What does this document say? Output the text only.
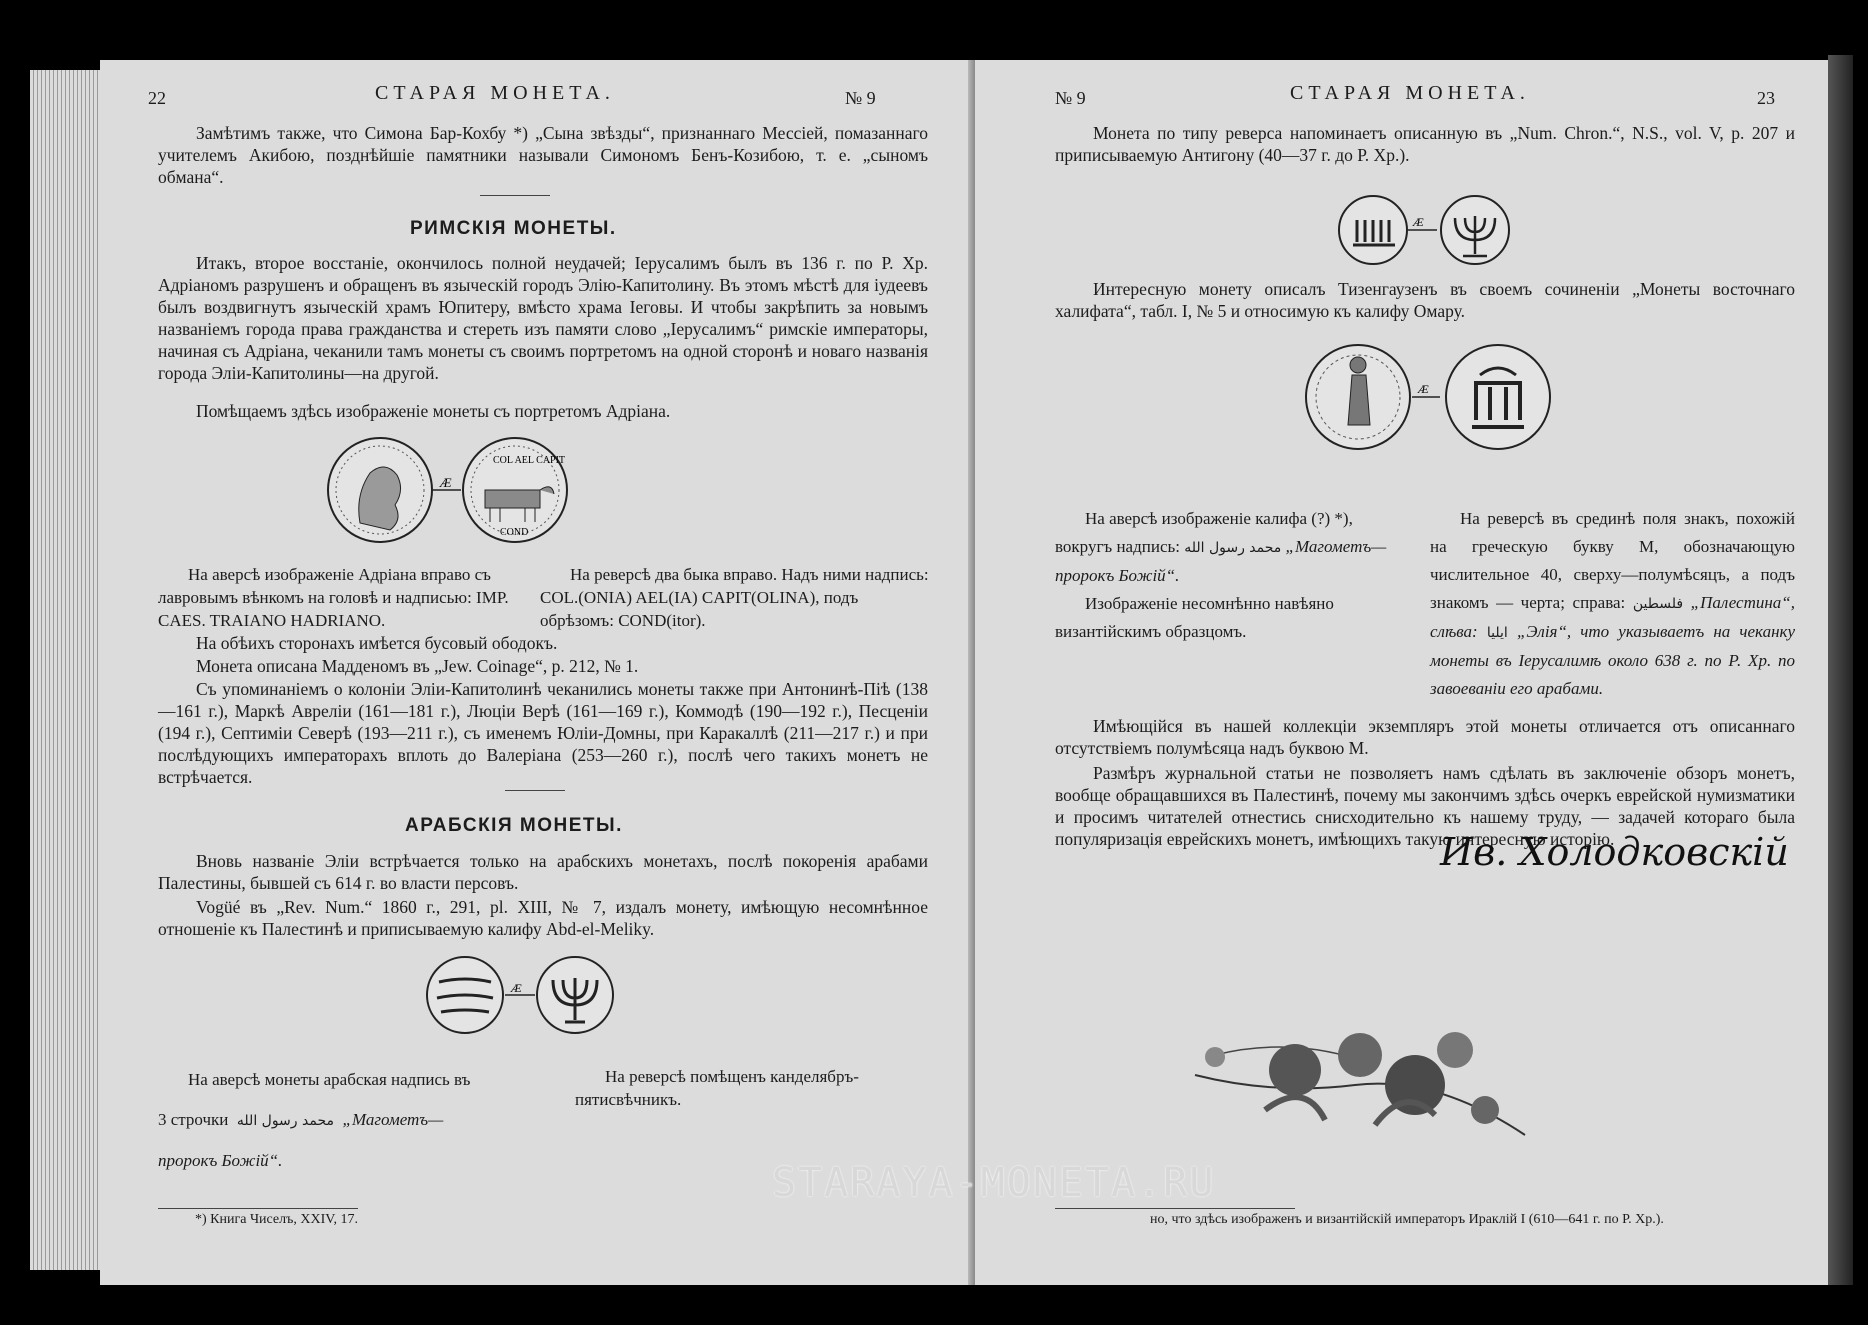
22	СТАРАЯ МОНЕТА.	№ 9
Замѣтимъ также, что Симона Бар-Кохбу *) „Сына звѣзды“, признаннаго Мессіей, помазаннаго учителемъ Акибою, позднѣйшіе памятники называли Симономъ Бенъ-Козибою, т. е. „сыномъ обмана“.
РИМСКІЯ МОНЕТЫ.
Итакъ, второе восстаніе, окончилось полной неудачей; Іерусалимъ былъ въ 136 г. по Р. Хр. Адріаномъ разрушенъ и обращенъ въ языческій городъ Элію-Капитолину. Въ этомъ мѣстѣ для іудеевъ былъ воздвигнутъ языческій храмъ Юпитеру, вмѣсто храма Іеговы. И чтобы закрѣпить за новымъ названіемъ города права гражданства и стереть изъ памяти слово „Іерусалимъ“ римскіе императоры, начиная съ Адріана, чеканили тамъ монеты съ своимъ портретомъ на одной сторонѣ и новаго названія города Эліи-Капитолины—на другой.
Помѣщаемъ здѣсь изображеніе монеты съ портретомъ Адріана.
Æ
COL AEL CAPIT
COND
На аверсѣ изображеніе Адріана вправо съ лавровымъ вѣнкомъ на головѣ и надписью: IMP. CAES. TRAIANO HADRIANO.
На реверсѣ два быка вправо. Надъ ними надпись: COL.(ONIA) AEL(IA) CAPIT(OLINA), подъ обрѣзомъ: COND(itor).
На обѣихъ сторонахъ имѣется бусовый ободокъ.
Монета описана Мадденомъ въ „Jew. Coinage“, р. 212, № 1.
Съ упоминаніемъ о колоніи Эліи-Капитолинѣ чеканились монеты также при Антонинѣ-Піѣ (138—161 г.), Маркѣ Авреліи (161—181 г.), Люціи Верѣ (161—169 г.), Коммодѣ (190—192 г.), Песценіи (194 г.), Септиміи Северѣ (193—211 г.), съ именемъ Юліи-Домны, при Каракаллѣ (211—217 г.) и при послѣдующихъ императорахъ вплоть до Валеріана (253—260 г.), послѣ чего такихъ монетъ не встрѣчается.
АРАБСКІЯ МОНЕТЫ.
Вновь названіе Эліи встрѣчается только на арабскихъ монетахъ, послѣ покоренія арабами Палестины, бывшей съ 614 г. во власти персовъ.
Vogüé въ „Rev. Num.“ 1860 г., 291, pl. XIII, № 7, издалъ монету, имѣющую несомнѣнное отношеніе къ Палестинѣ и приписываемую калифу Abd-el-Meliky.
Æ
На аверсѣ монеты арабская надпись въ
3 строчки محمد رسول الله „Магометъ—
пророкъ Божій“.
На реверсѣ помѣщенъ канделябръ-пятисвѣчникъ.
*) Книга Чиселъ, XXIV, 17.
№ 9	СТАРАЯ МОНЕТА.	23
Монета по типу реверса напоминаетъ описанную въ „Num. Chron.“, N.S., vol. V, р. 207 и приписываемую Антигону (40—37 г. до Р. Хр.).
Æ
Интересную монету описалъ Тизенгаузенъ въ своемъ сочиненіи „Монеты восточнаго халифата“, табл. I, № 5 и относимую къ калифу Омару.
Æ
На аверсѣ изображеніе калифа (?) *), вокругъ надпись: محمد رسول الله „Магометъ—пророкъ Божій“.
Изображеніе несомнѣнно навѣяно византійскимъ образцомъ.
На реверсѣ въ срединѣ поля знакъ, похожій на греческую букву М, обозначающую числительное 40, сверху—полумѣсяцъ, а подъ знакомъ — черта; справа: فلسطين „Палестина“, слѣва: ايليا „Элія“, что указываетъ на чеканку монеты въ Іерусалимѣ около 638 г. по Р. Хр. по завоеваніи его арабами.
Имѣющійся въ нашей коллекціи экземпляръ этой монеты отличается отъ описаннаго отсутствіемъ полумѣсяца надъ буквою М.
Размѣръ журнальной статьи не позволяетъ намъ сдѣлать въ заключеніе обзоръ монетъ, вообще обращавшихся въ Палестинѣ, почему мы закончимъ здѣсь очеркъ еврейской нумизматики и просимъ читателей отнестись снисходительно къ нашему труду, — задачей котораго была популяризація еврейскихъ монетъ, имѣющихъ такую интересную исторію.
но, что здѣсь изображенъ и византійскій императоръ Ираклій I (610—641 г. по Р. Хр.).
Ив. Холодковскій
STARAYA-MONETA.RU
